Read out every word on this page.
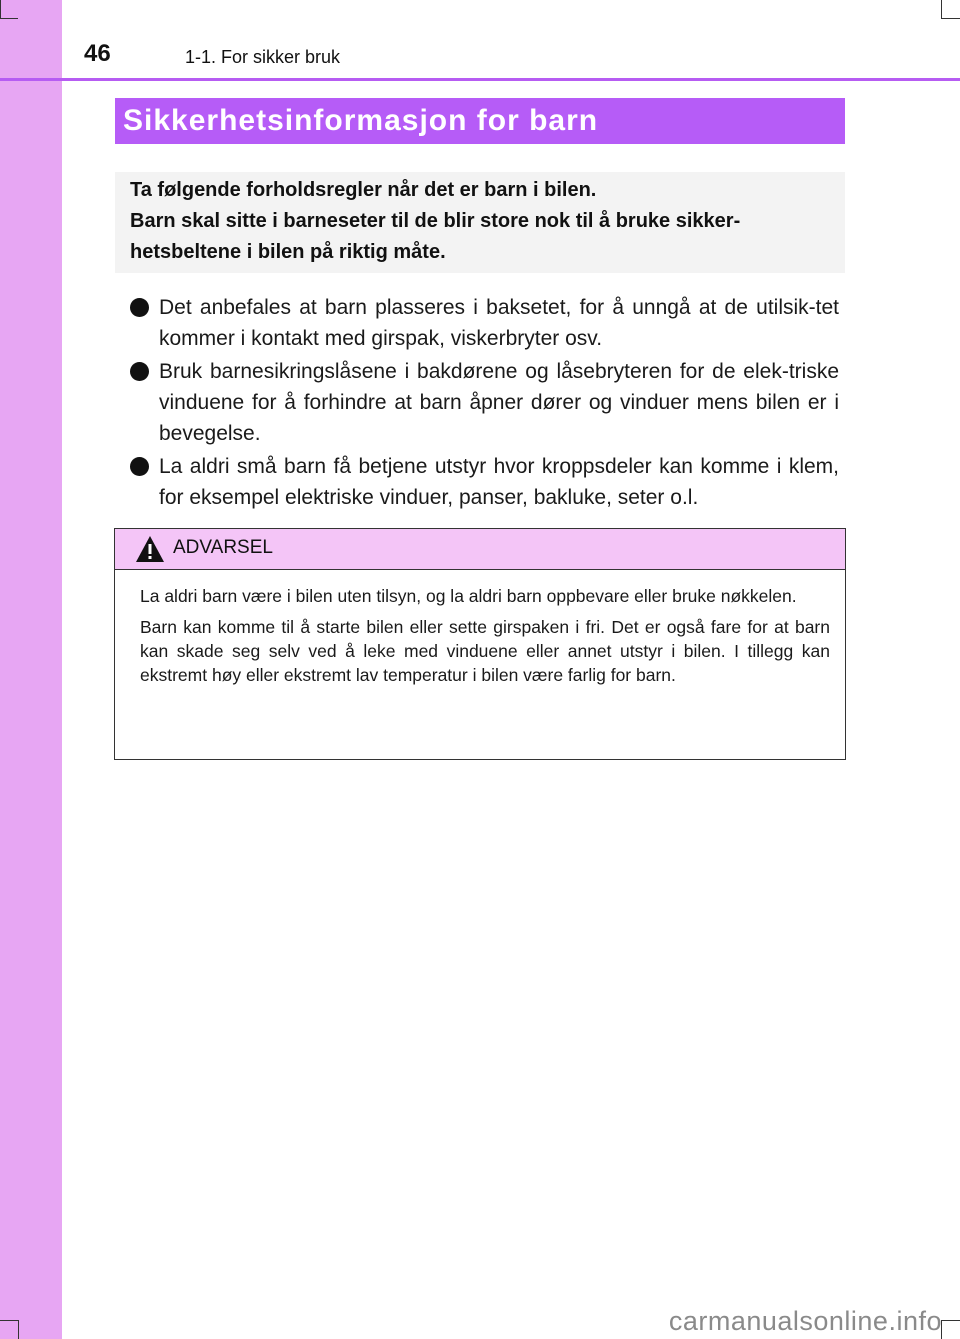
46	1-1. For sikker bruk
Sikkerhetsinformasjon for barn

Ta følgende forholdsregler når det er barn i bilen.

Barn skal sitte i barneseter til de blir store nok til å bruke sikker-hetsbeltene i bilen på riktig måte.

Det anbefales at barn plasseres i baksetet, for å unngå at de utilsik-tet kommer i kontakt med girspak, viskerbryter osv.
Bruk barnesikringslåsene i bakdørene og låsebryteren for de elek-triske vinduene for å forhindre at barn åpner dører og vinduer mens bilen er i bevegelse.
La aldri små barn få betjene utstyr hvor kroppsdeler kan komme i klem, for eksempel elektriske vinduer, panser, bakluke, seter o.l.
ADVARSEL

La aldri barn være i bilen uten tilsyn, og la aldri barn oppbevare eller bruke nøkkelen.

Barn kan komme til å starte bilen eller sette girspaken i fri. Det er også fare for at barn kan skade seg selv ved å leke med vinduene eller annet utstyr i bilen. I tillegg kan ekstremt høy eller ekstremt lav temperatur i bilen være farlig for barn.

carmanualsonline.info
